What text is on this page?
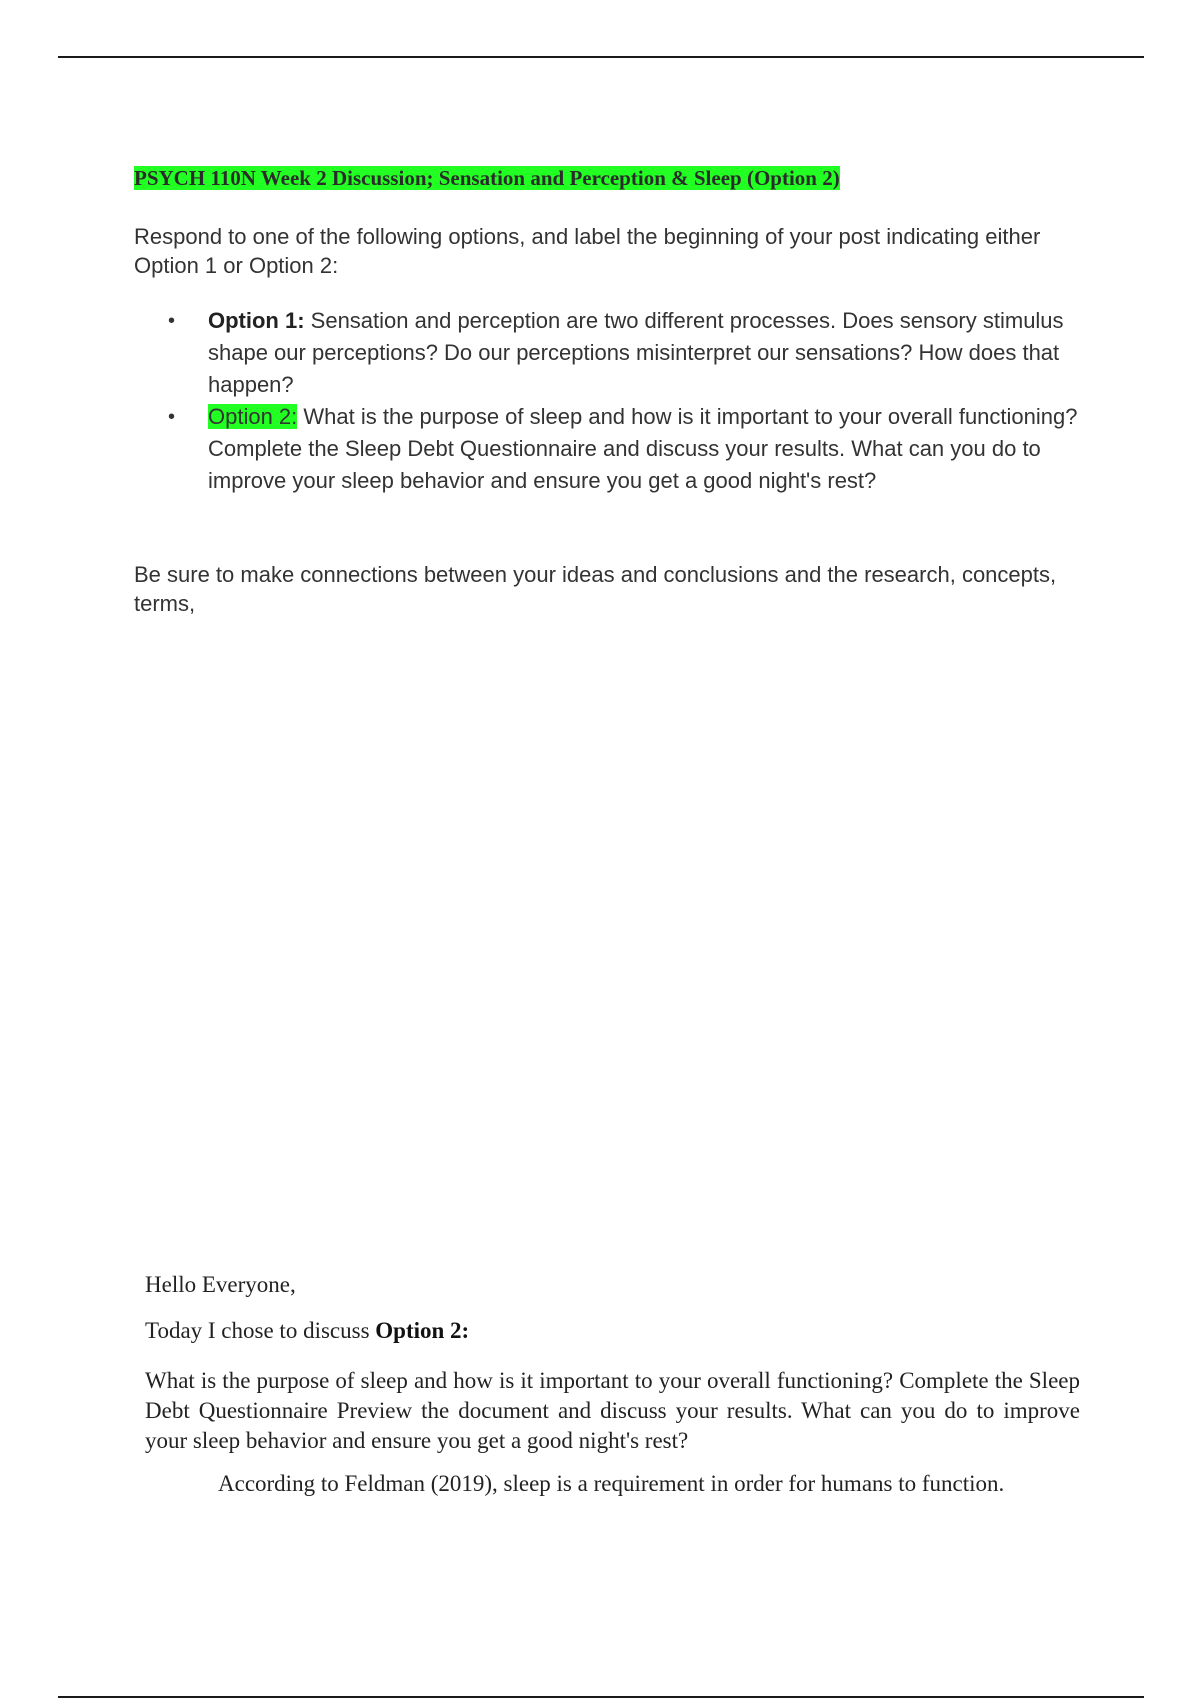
PSYCH 110N Week 2 Discussion; Sensation and Perception & Sleep (Option 2)

Respond to one of the following options, and label the beginning of your post indicating either Option 1 or Option 2:

• Option 1: Sensation and perception are two different processes. Does sensory stimulus shape our perceptions? Do our perceptions misinterpret our sensations? How does that happen?
• Option 2: What is the purpose of sleep and how is it important to your overall functioning? Complete the Sleep Debt Questionnaire and discuss your results. What can you do to improve your sleep behavior and ensure you get a good night's rest?

Be sure to make connections between your ideas and conclusions and the research, concepts, terms,

Hello Everyone,

Today I chose to discuss Option 2:

What is the purpose of sleep and how is it important to your overall functioning? Complete the Sleep Debt Questionnaire Preview the document and discuss your results. What can you do to improve your sleep behavior and ensure you get a good night's rest?

According to Feldman (2019), sleep is a requirement in order for humans to function.
